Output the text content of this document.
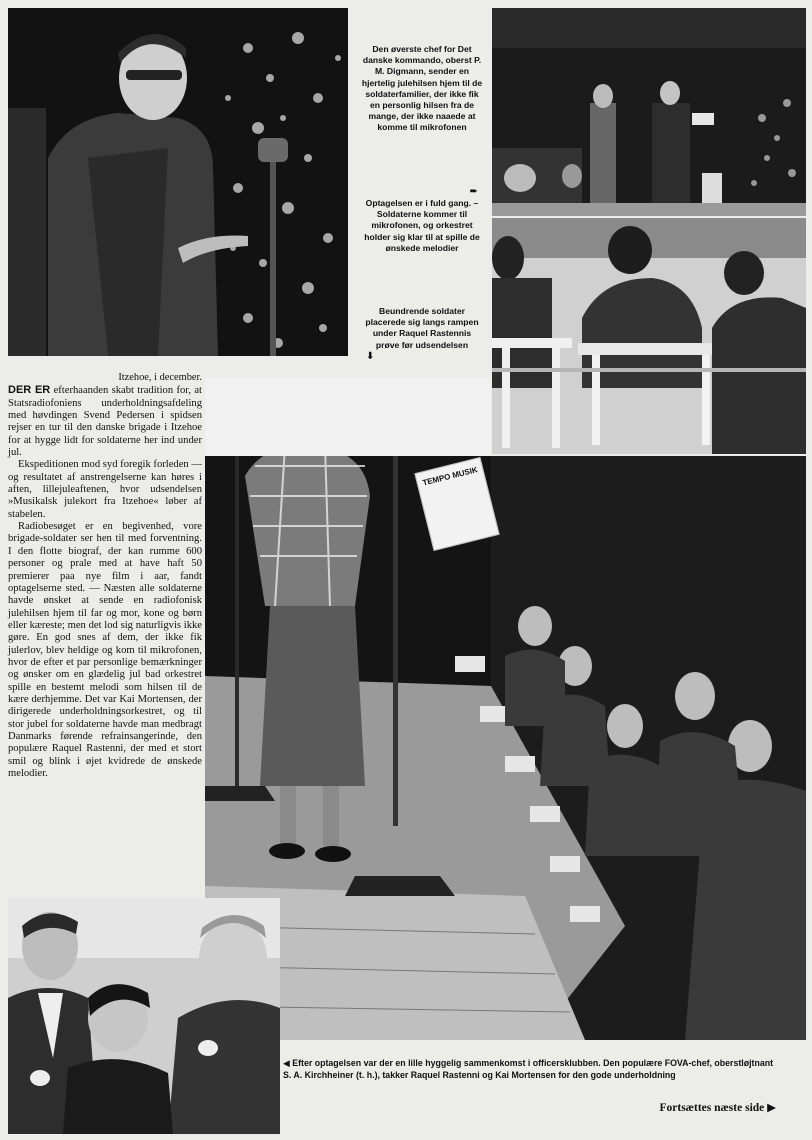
Den øverste chef for Det danske kommando, oberst P. M. Digmann, sender en hjertelig julehilsen hjem til de soldaterfamilier, der ikke fik en personlig hilsen fra de mange, der ikke naaede at komme til mikrofonen

➨

Optagelsen er i fuld gang. – Soldaterne kommer til mikrofonen, og orkestret holder sig klar til at spille de ønskede melodier

Beundrende soldater placerede sig langs rampen under Raquel Rastennis prøve før udsendelsen

⬇
TEMPO MUSIK

Itzehoe, i december.

DER ER efterhaanden skabt tradition for, at Statsradiofoniens underholdningsafdeling med høvdingen Svend Pedersen i spidsen rejser en tur til den danske brigade i Itzehoe for at hygge lidt for soldaterne her ind under jul.

Ekspeditionen mod syd foregik forleden — og resultatet af anstrengelserne kan høres i aften, lillejuleaftenen, hvor udsendelsen »Musikalsk julekort fra Itzehoe« løber af stabelen.

Radiobesøget er en begivenhed, vore brigade-soldater ser hen til med forventning. I den flotte biograf, der kan rumme 600 personer og prale med at have haft 50 premierer paa nye film i aar, fandt optagelserne sted. — Næsten alle soldaterne havde ønsket at sende en radiofonisk julehilsen hjem til far og mor, kone og børn eller kæreste; men det lod sig naturligvis ikke gøre. En god snes af dem, der ikke fik julerlov, blev heldige og kom til mikrofonen, hvor de efter et par personlige bemærkninger og ønsker om en glædelig jul bad orkestret spille en bestemt melodi som hilsen til de kære derhjemme. Det var Kai Mortensen, der dirigerede underholdningsorkestret, og til stor jubel for soldaterne havde man medbragt Danmarks førende refrainsangerinde, den populære Raquel Rastenni, der med et stort smil og blink i øjet kvidrede de ønskede melodier.

◀ Efter optagelsen var der en lille hyggelig sammenkomst i officersklubben. Den populære FOVA-chef, oberstløjtnant S. A. Kirchheiner (t. h.), takker Raquel Rastenni og Kai Mortensen for den gode underholdning
Fortsættes næste side ▶
